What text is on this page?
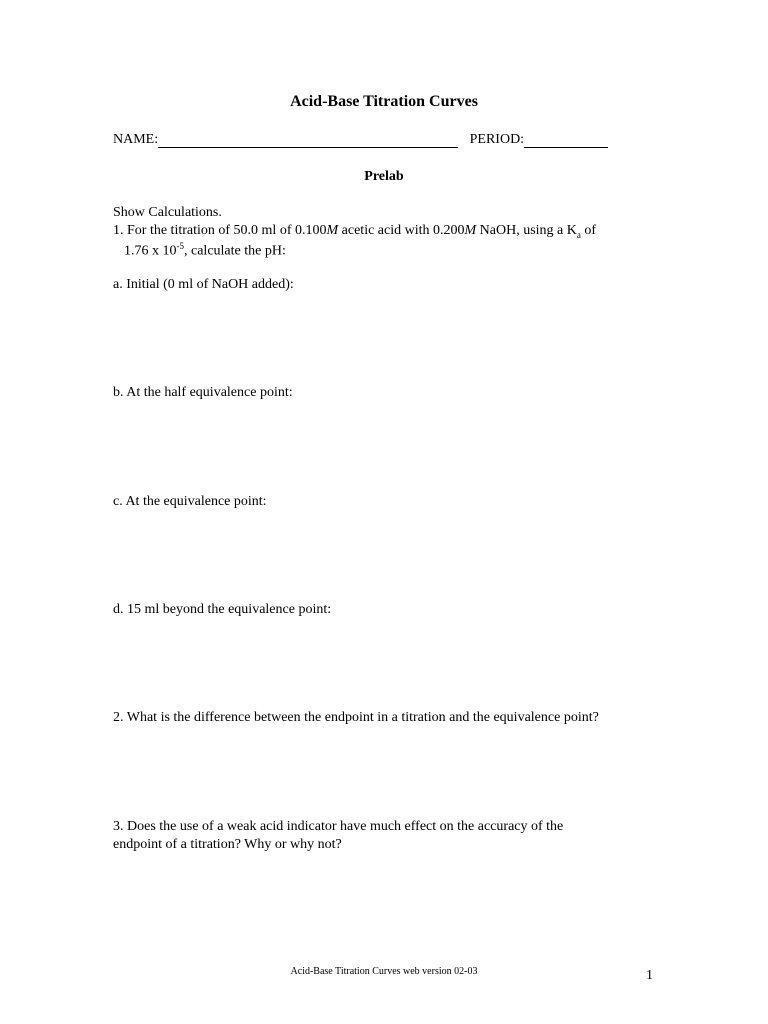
Acid-Base Titration Curves
NAME:	PERIOD:
Prelab
Show Calculations.
1. For the titration of 50.0 ml of 0.100M acetic acid with 0.200M NaOH, using a $K_a$ of
1.76 x $10^{-5}$, calculate the pH:
a. Initial (0 ml of NaOH added):
b. At the half equivalence point:
c. At the equivalence point:
d. 15 ml beyond the equivalence point:
2. What is the difference between the endpoint in a titration and the equivalence point?
3. Does the use of a weak acid indicator have much effect on the accuracy of the
endpoint of a titration? Why or why not?
Acid-Base Titration Curves web version 02-03	1
